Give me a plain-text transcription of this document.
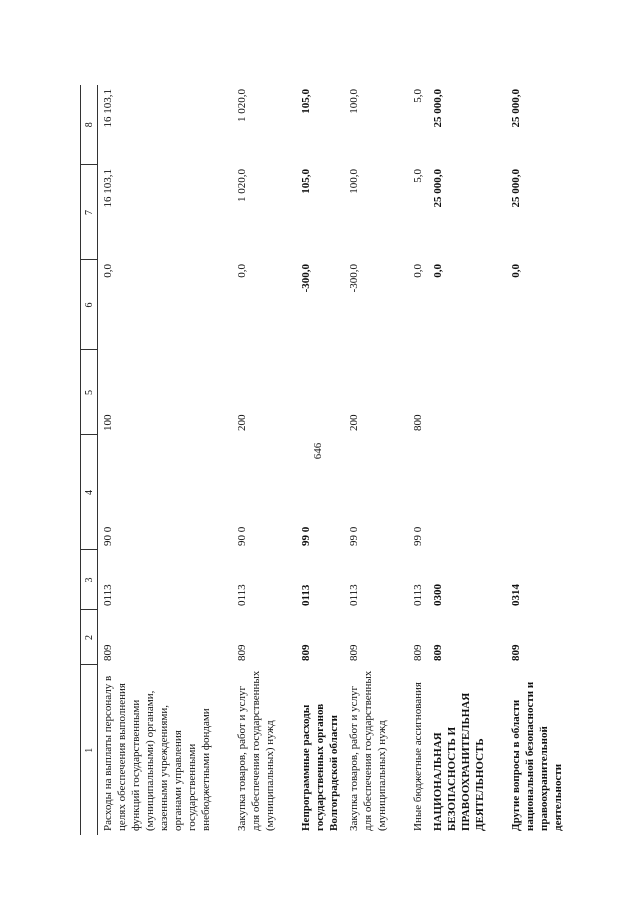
646
1	2	3	4	5	6	7	8
Расходы на выплаты персоналу в целях обеспечения выполнения функций государственными (муниципальными) органами, казенными учреждениями, органами управления государственными внебюджетными фондами	809	0113	90 0	100	0,0	16 103,1	16 103,1

Закупка товаров, работ и услуг для обеспечения государственных (муниципальных) нужд	809	0113	90 0	200	0,0	1 020,0	1 020,0

Непрограммные расходы государственных органов Волгоградской области	809	0113	99 0		-300,0	105,0	105,0
Закупка товаров, работ и услуг для обеспечения государственных (муниципальных) нужд	809	0113	99 0	200	-300,0	100,0	100,0

Иные бюджетные ассигнования	809	0113	99 0	800	0,0	5,0	5,0
НАЦИОНАЛЬНАЯ БЕЗОПАСНОСТЬ И ПРАВООХРАНИТЕЛЬНАЯ ДЕЯТЕЛЬНОСТЬ	809	0300			0,0	25 000,0	25 000,0

Другие вопросы в области национальной безопасности и правоохранительной деятельности	809	0314			0,0	25 000,0	25 000,0
